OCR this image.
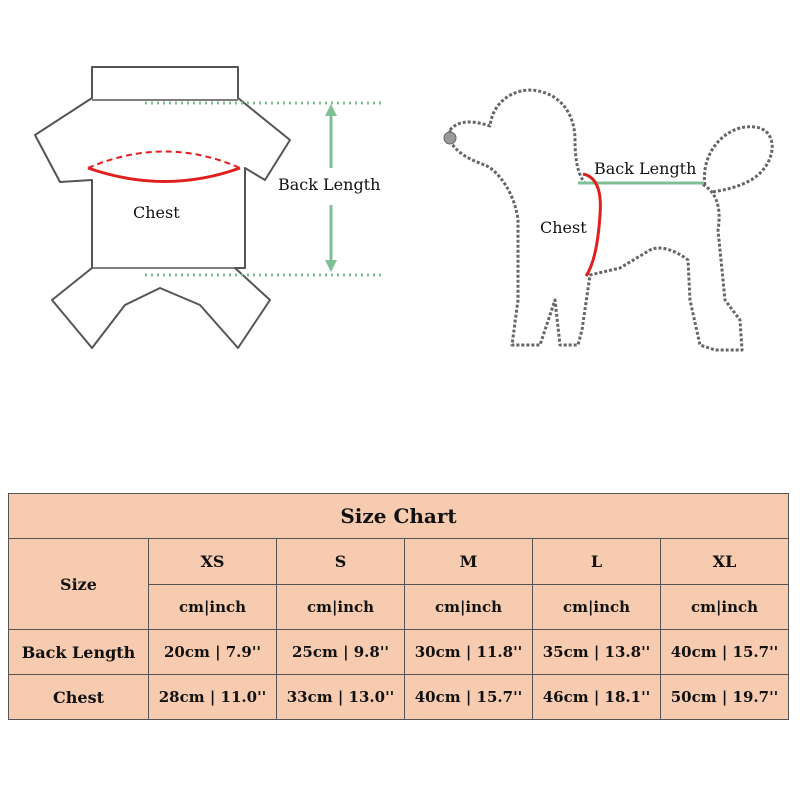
Chest
Back Length
Back Length
Chest
Size Chart					
Size	XS	S	M	L	XL
	cm|inch	cm|inch	cm|inch	cm|inch	cm|inch
Back Length	20cm | 7.9''	25cm | 9.8''	30cm | 11.8''	35cm | 13.8''	40cm | 15.7''
Chest	28cm | 11.0''	33cm | 13.0''	40cm | 15.7''	46cm | 18.1''	50cm | 19.7''
